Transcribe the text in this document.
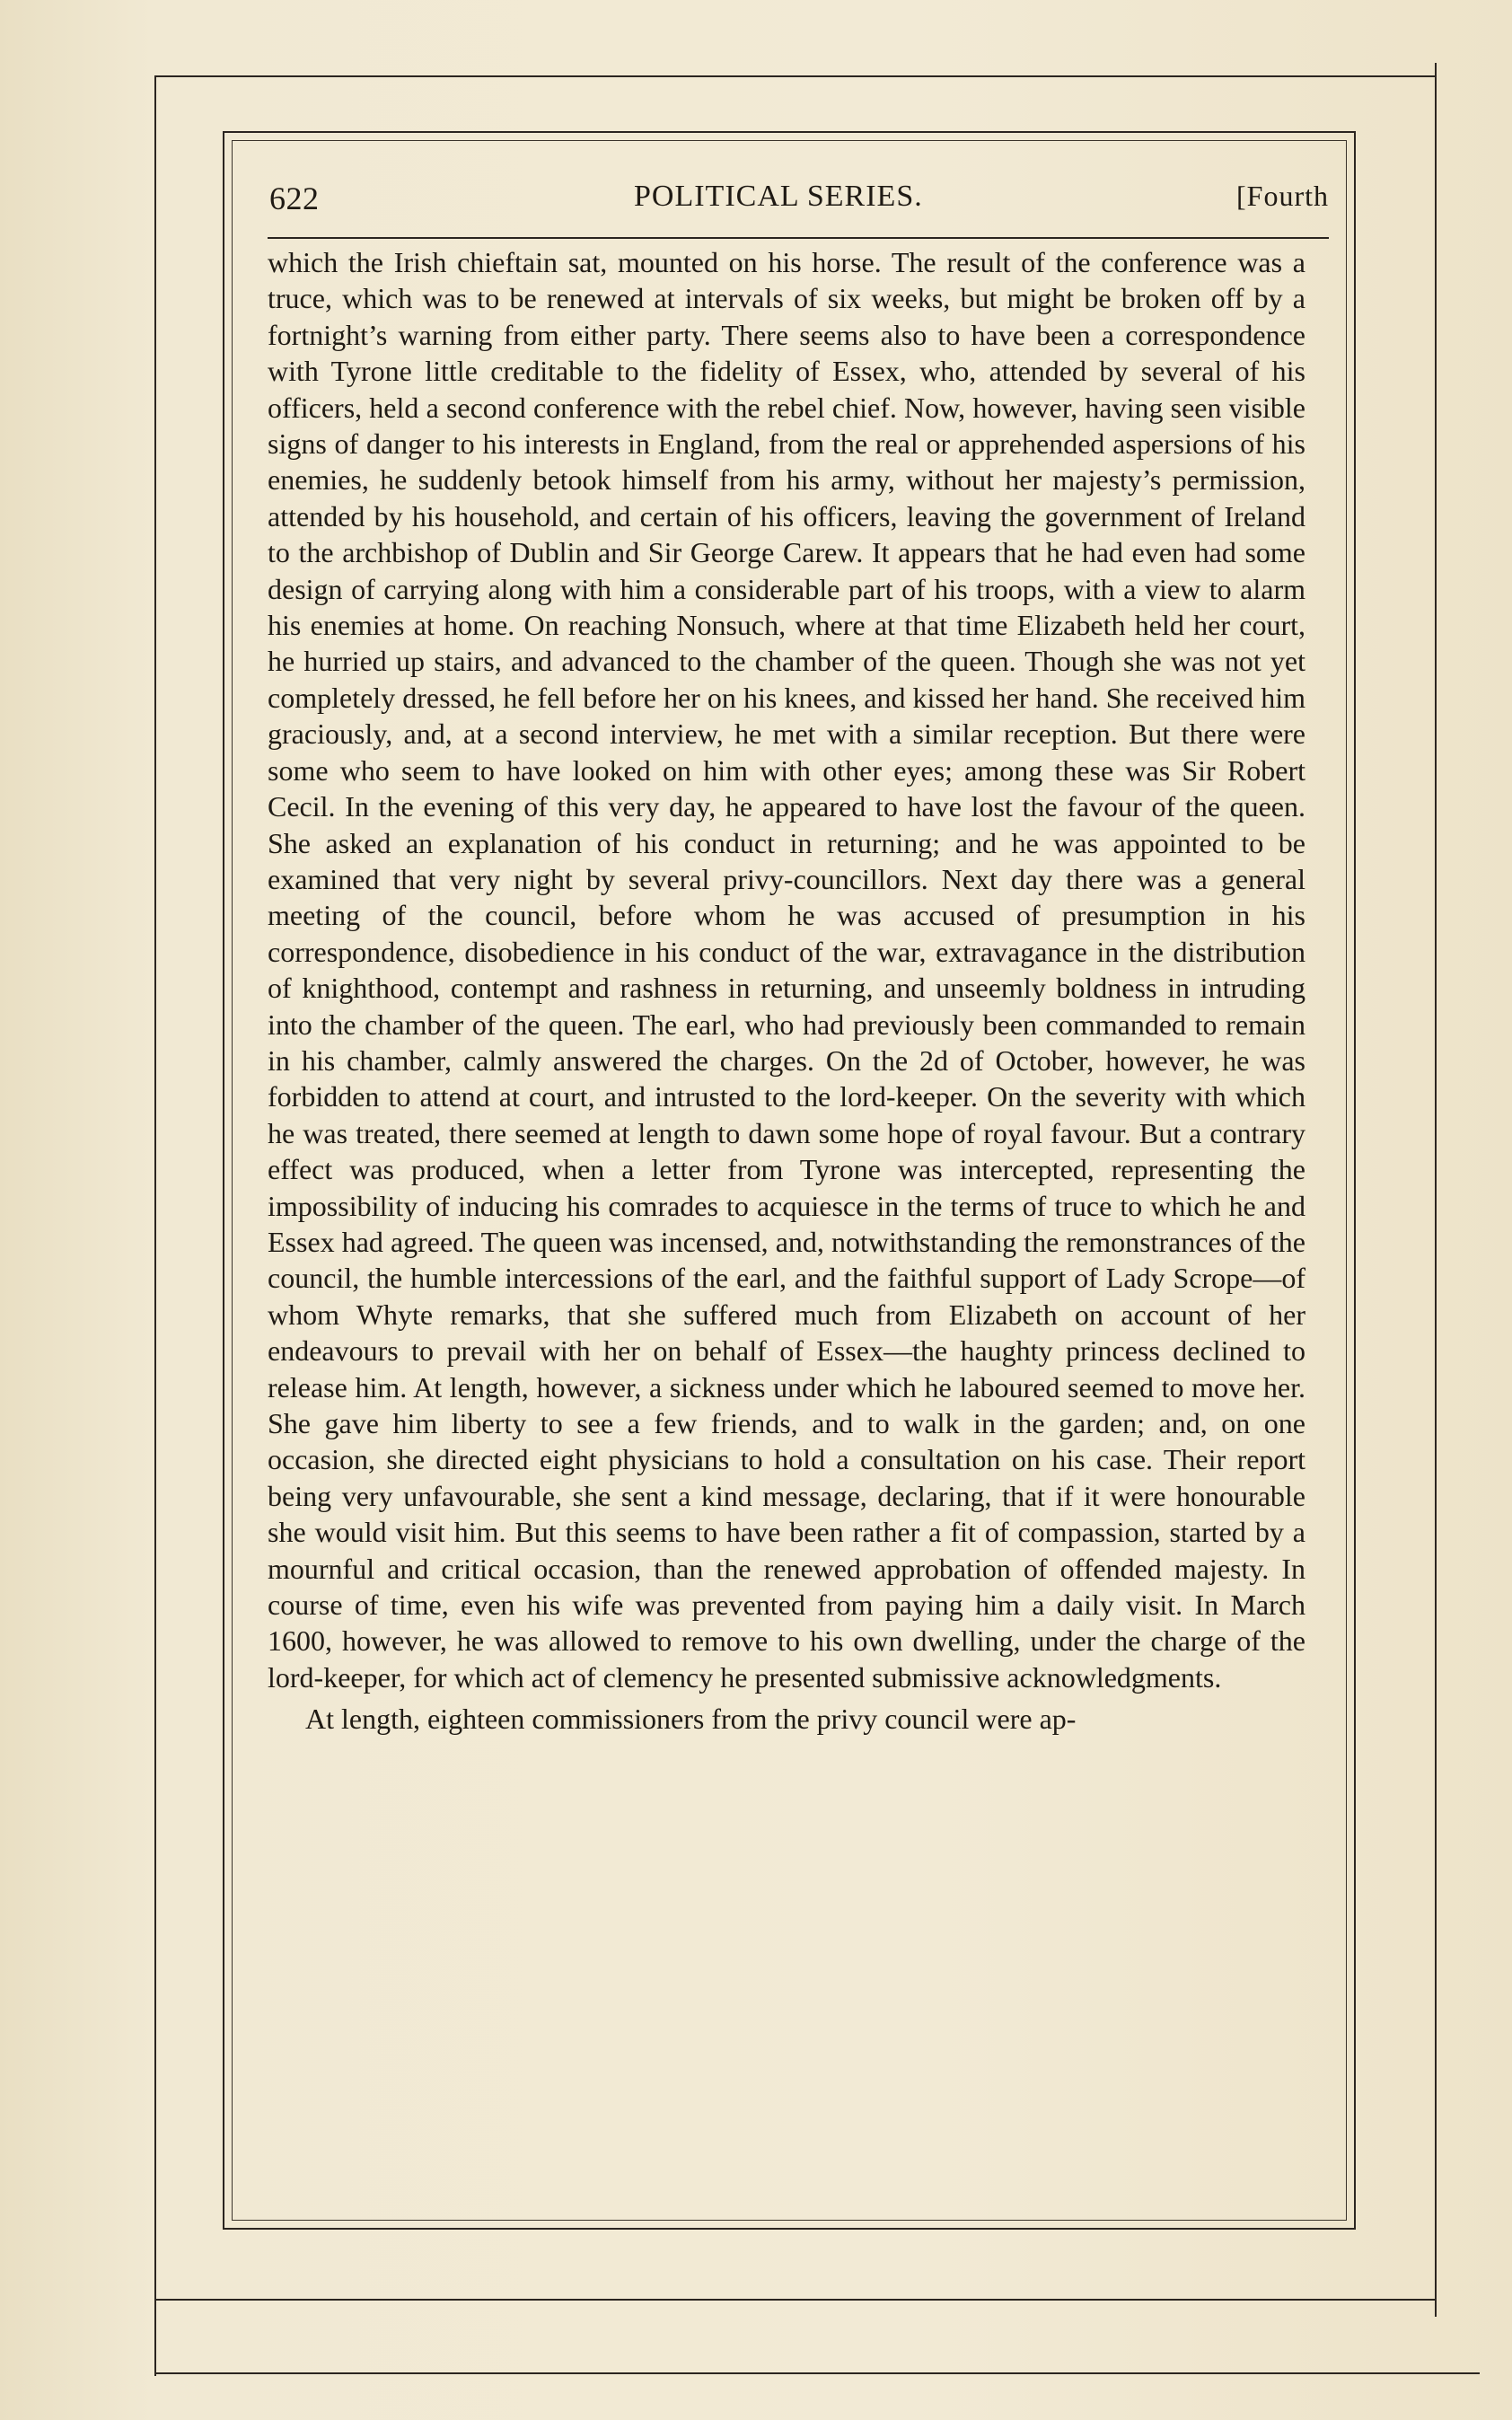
622	POLITICAL SERIES.	[Fourth

which the Irish chieftain sat, mounted on his horse. The result of the conference was a truce, which was to be renewed at intervals of six weeks, but might be broken off by a fortnight’s warning from either party. There seems also to have been a correspondence with Tyrone little creditable to the fidelity of Essex, who, attended by several of his officers, held a second conference with the rebel chief. Now, however, having seen visible signs of danger to his interests in England, from the real or apprehended aspersions of his enemies, he suddenly betook himself from his army, without her majesty’s permission, attended by his household, and certain of his officers, leaving the government of Ireland to the archbishop of Dublin and Sir George Carew. It appears that he had even had some design of carrying along with him a considerable part of his troops, with a view to alarm his enemies at home. On reaching Nonsuch, where at that time Elizabeth held her court, he hurried up stairs, and advanced to the chamber of the queen. Though she was not yet completely dressed, he fell before her on his knees, and kissed her hand. She received him graciously, and, at a second interview, he met with a similar reception. But there were some who seem to have looked on him with other eyes; among these was Sir Robert Cecil. In the evening of this very day, he appeared to have lost the favour of the queen. She asked an explanation of his conduct in returning; and he was appointed to be examined that very night by several privy-councillors. Next day there was a general meeting of the council, before whom he was accused of presumption in his correspondence, disobedience in his conduct of the war, extravagance in the distribution of knighthood, contempt and rashness in returning, and unseemly boldness in intruding into the chamber of the queen. The earl, who had previously been commanded to remain in his chamber, calmly answered the charges. On the 2d of October, however, he was forbidden to attend at court, and intrusted to the lord-keeper. On the severity with which he was treated, there seemed at length to dawn some hope of royal favour. But a contrary effect was produced, when a letter from Tyrone was intercepted, representing the impossibility of inducing his comrades to acquiesce in the terms of truce to which he and Essex had agreed. The queen was incensed, and, notwithstanding the remonstrances of the council, the humble intercessions of the earl, and the faithful support of Lady Scrope—of whom Whyte remarks, that she suffered much from Elizabeth on account of her endeavours to prevail with her on behalf of Essex—the haughty princess declined to release him. At length, however, a sickness under which he laboured seemed to move her. She gave him liberty to see a few friends, and to walk in the garden; and, on one occasion, she directed eight physicians to hold a consultation on his case. Their report being very unfavourable, she sent a kind message, declaring, that if it were honourable she would visit him. But this seems to have been rather a fit of compassion, started by a mournful and critical occasion, than the renewed approbation of offended majesty. In course of time, even his wife was prevented from paying him a daily visit. In March 1600, however, he was allowed to remove to his own dwelling, under the charge of the lord-keeper, for which act of clemency he presented submissive acknowledgments.

At length, eighteen commissioners from the privy council were ap-
